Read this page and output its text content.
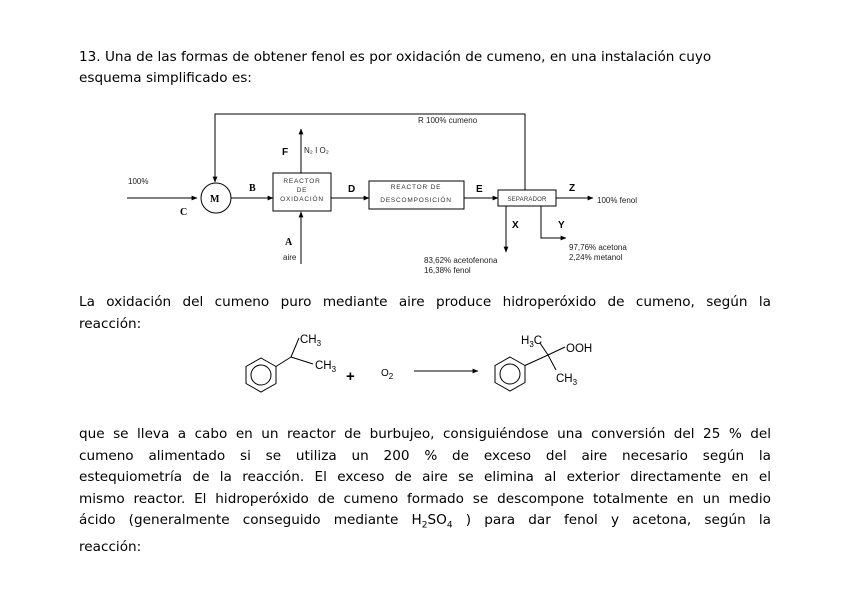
13. Una de las formas de obtener fenol es por oxidación de cumeno, en una instalación cuyo
esquema simplificado es:
R 100% cumeno
100%
C
M
B
F N₂ I O₂
REACTOR
DE
OXIDACIÓN
A
aire
D	REACTOR DE
DESCOMPOSICIÓN
E
SEPARADOR
Z
100% fenol
X	Y
83,62% acetofenona
16,38% fenol
97,76% acetona
2,24% metanol
$CH_3$
$CH_3$ +	$O_2$
$H_3C$
OOH
$CH_3$
La oxidación del cumeno puro mediante aire produce hidroperóxido de cumeno, según la
reacción:
que se lleva a cabo en un reactor de burbujeo, consiguiéndose una conversión del 25 % del
cumeno alimentado si se utiliza un 200 % de exceso del aire necesario según la
estequiometría de la reacción. El exceso de aire se elimina al exterior directamente en el
mismo reactor. El hidroperóxido de cumeno formado se descompone totalmente en un medio
ácido (generalmente conseguido mediante $H_2SO_4$ ) para dar fenol y acetona, según la
reacción:
